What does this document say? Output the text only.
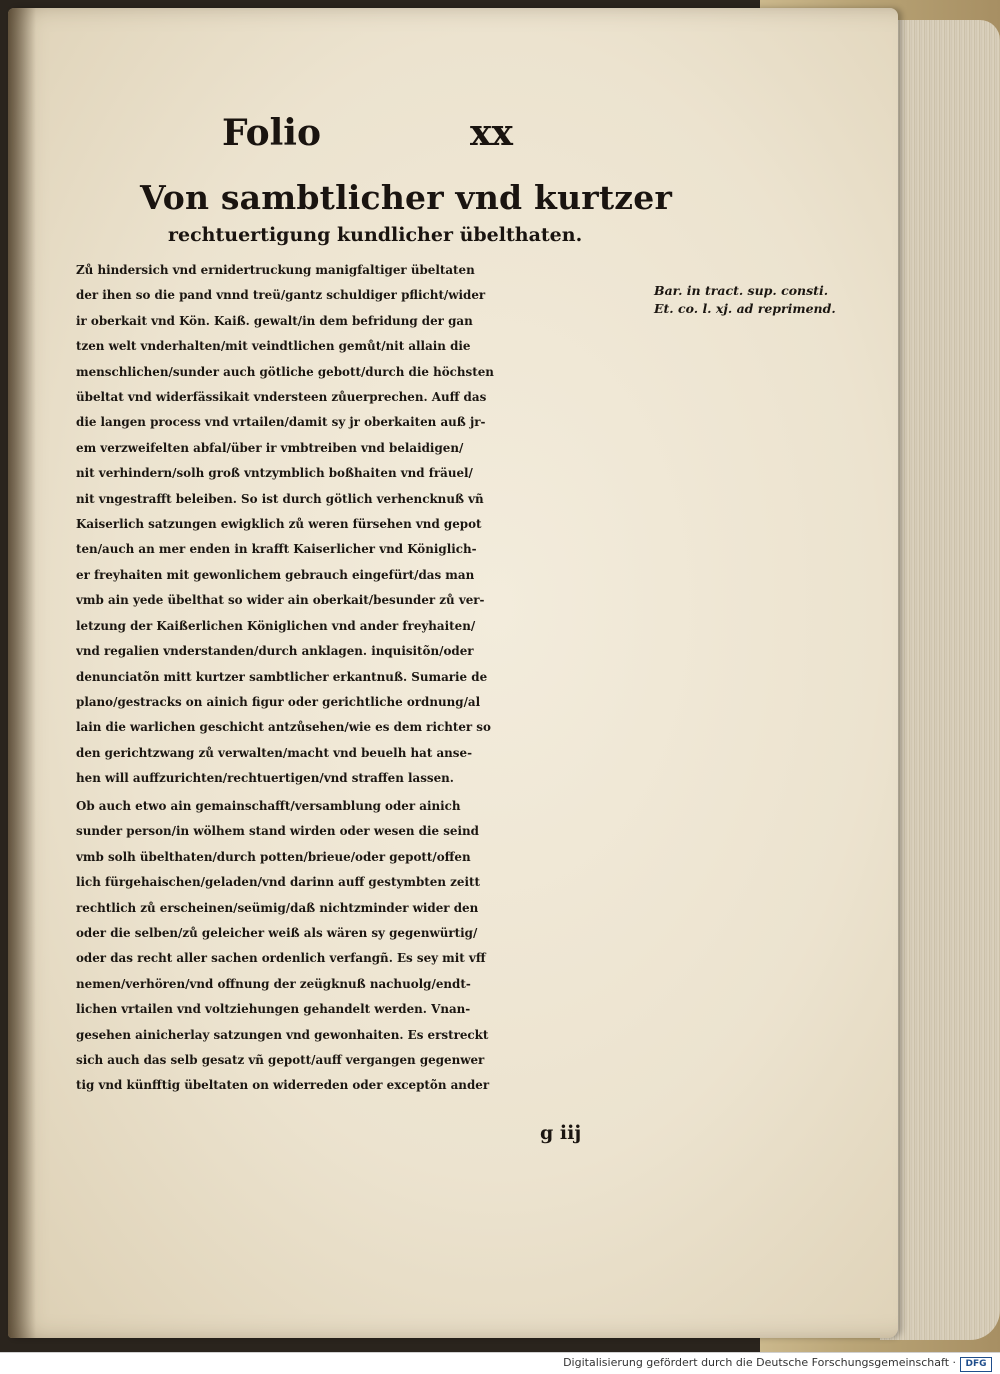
Folio	xx
Von sambtlicher vnd kurtzer
rechtuertigung kundlicher übelthaten.
Bar. in tract. sup. consti.
Et. co. l. xj. ad reprimend.
Zů hindersich vnd ernidertruckung manigfaltiger übeltaten
der ihen so die pand vnnd treü/gantz schuldiger pflicht/wider
ir oberkait vnd Kön. Kaiß. gewalt/in dem befridung der gan
tzen welt vnderhalten/mit veindtlichen gemůt/nit allain die
menschlichen/sunder auch götliche gebott/durch die höchsten
übeltat vnd widerfässikait vndersteen zůuerprechen. Auff das
die langen process vnd vrtailen/damit sy jr oberkaiten auß jr-
em verzweifelten abfal/über ir vmbtreiben vnd belaidigen/
nit verhindern/solh groß vntzymblich boßhaiten vnd fräuel/
nit vngestrafft beleiben. So ist durch götlich verhencknuß vñ
Kaiserlich satzungen ewigklich zů weren fürsehen vnd gepot
ten/auch an mer enden in krafft Kaiserlicher vnd Königlich-
er freyhaiten mit gewonlichem gebrauch eingefürt/das man
vmb ain yede übelthat so wider ain oberkait/besunder zů ver-
letzung der Kaißerlichen Königlichen vnd ander freyhaiten/
vnd regalien vnderstanden/durch anklagen. inquisitõn/oder
denunciatõn mitt kurtzer sambtlicher erkantnuß. Sumarie de
plano/gestracks on ainich figur oder gerichtliche ordnung/al
lain die warlichen geschicht antzůsehen/wie es dem richter so
den gerichtzwang zů verwalten/macht vnd beuelh hat anse-
hen will auffzurichten/rechtuertigen/vnd straffen lassen.
Ob auch etwo ain gemainschafft/versamblung oder ainich
sunder person/in wölhem stand wirden oder wesen die seind
vmb solh übelthaten/durch potten/brieue/oder gepott/offen
lich fürgehaischen/geladen/vnd darinn auff gestymbten zeitt
rechtlich zů erscheinen/seümig/daß nichtzminder wider den
oder die selben/zů geleicher weiß als wären sy gegenwürtig/
oder das recht aller sachen ordenlich verfangñ. Es sey mit vff
nemen/verhören/vnd offnung der zeügknuß nachuolg/endt-
lichen vrtailen vnd voltziehungen gehandelt werden. Vnan-
gesehen ainicherlay satzungen vnd gewonhaiten. Es erstreckt
sich auch das selb gesatz vñ gepott/auff vergangen gegenwer
tig vnd künfftig übeltaten on widerreden oder exceptõn ander
g iij
Digitalisierung gefördert durch die Deutsche Forschungsgemeinschaft ·	DFG
